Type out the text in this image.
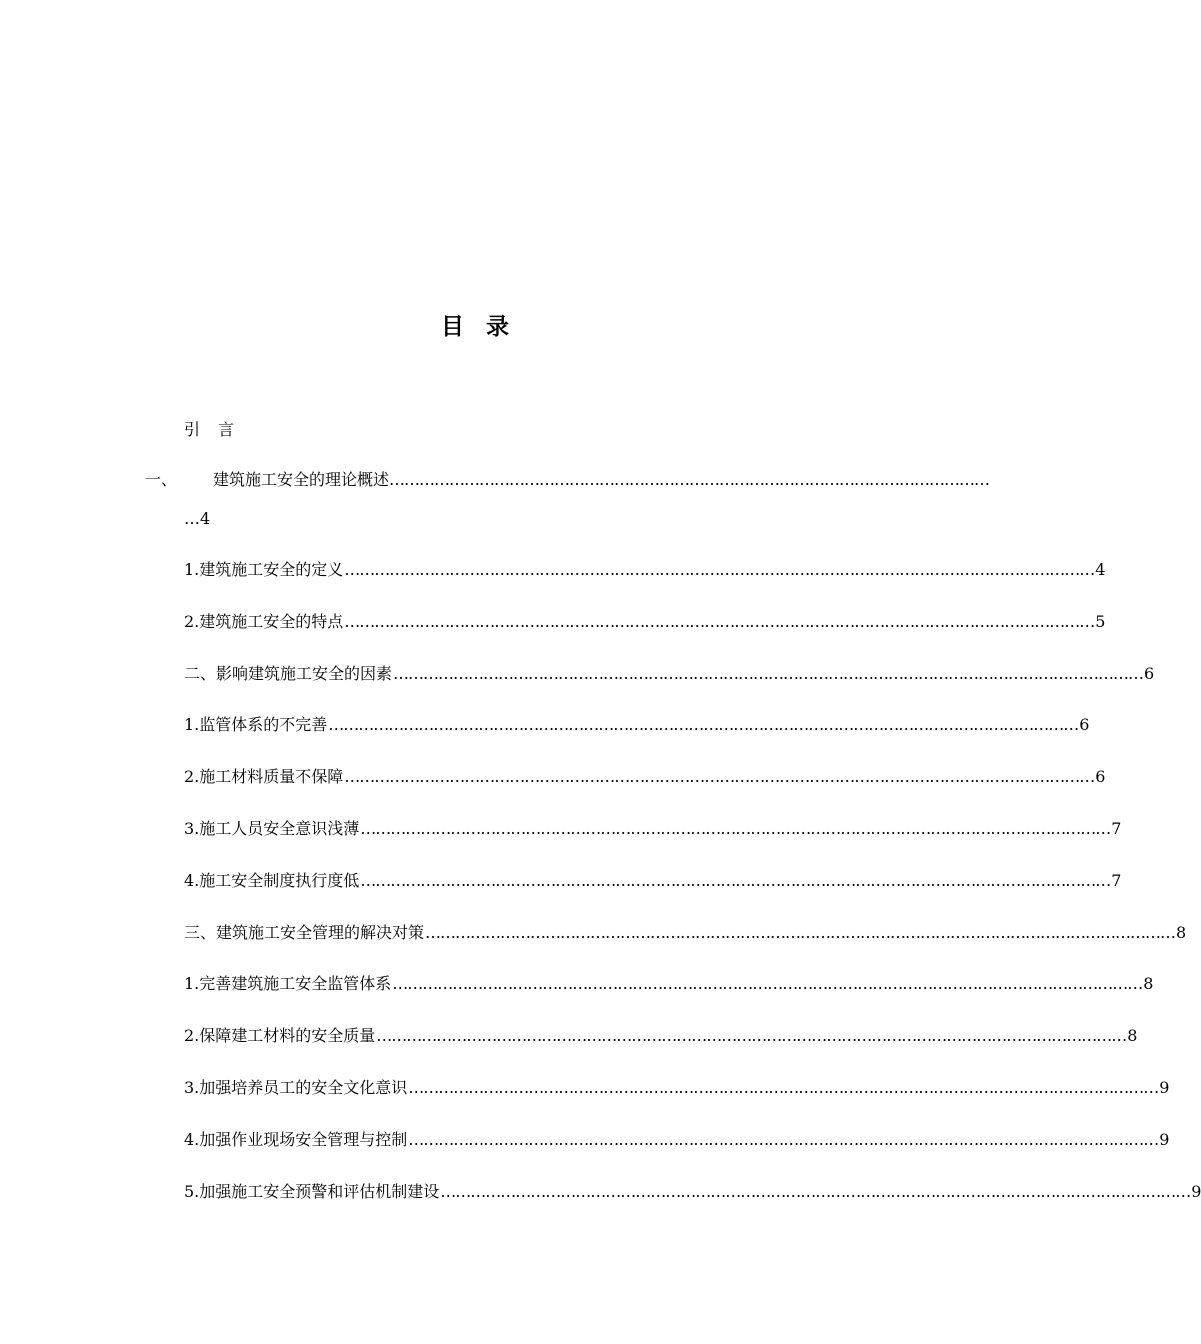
目 录
引 言
一、 建筑施工安全的理论概述 …………………………………………………………………………………………………………
…4
1.建筑施工安全的定义 …………………………………………………………………………………………………………………………………… 4
2.建筑施工安全的特点 …………………………………………………………………………………………………………………………………… 5
二、影响建筑施工安全的因素 …………………………………………………………………………………………………………………………………… 6
1.监管体系的不完善 …………………………………………………………………………………………………………………………………… 6
2.施工材料质量不保障 …………………………………………………………………………………………………………………………………… 6
3.施工人员安全意识浅薄 …………………………………………………………………………………………………………………………………… 7
4.施工安全制度执行度低 …………………………………………………………………………………………………………………………………… 7
三、建筑施工安全管理的解决对策 …………………………………………………………………………………………………………………………………… 8
1.完善建筑施工安全监管体系 …………………………………………………………………………………………………………………………………… 8
2.保障建工材料的安全质量 …………………………………………………………………………………………………………………………………… 8
3.加强培养员工的安全文化意识 …………………………………………………………………………………………………………………………………… 9
4.加强作业现场安全管理与控制 …………………………………………………………………………………………………………………………………… 9
5.加强施工安全预警和评估机制建设 …………………………………………………………………………………………………………………………………… 9
